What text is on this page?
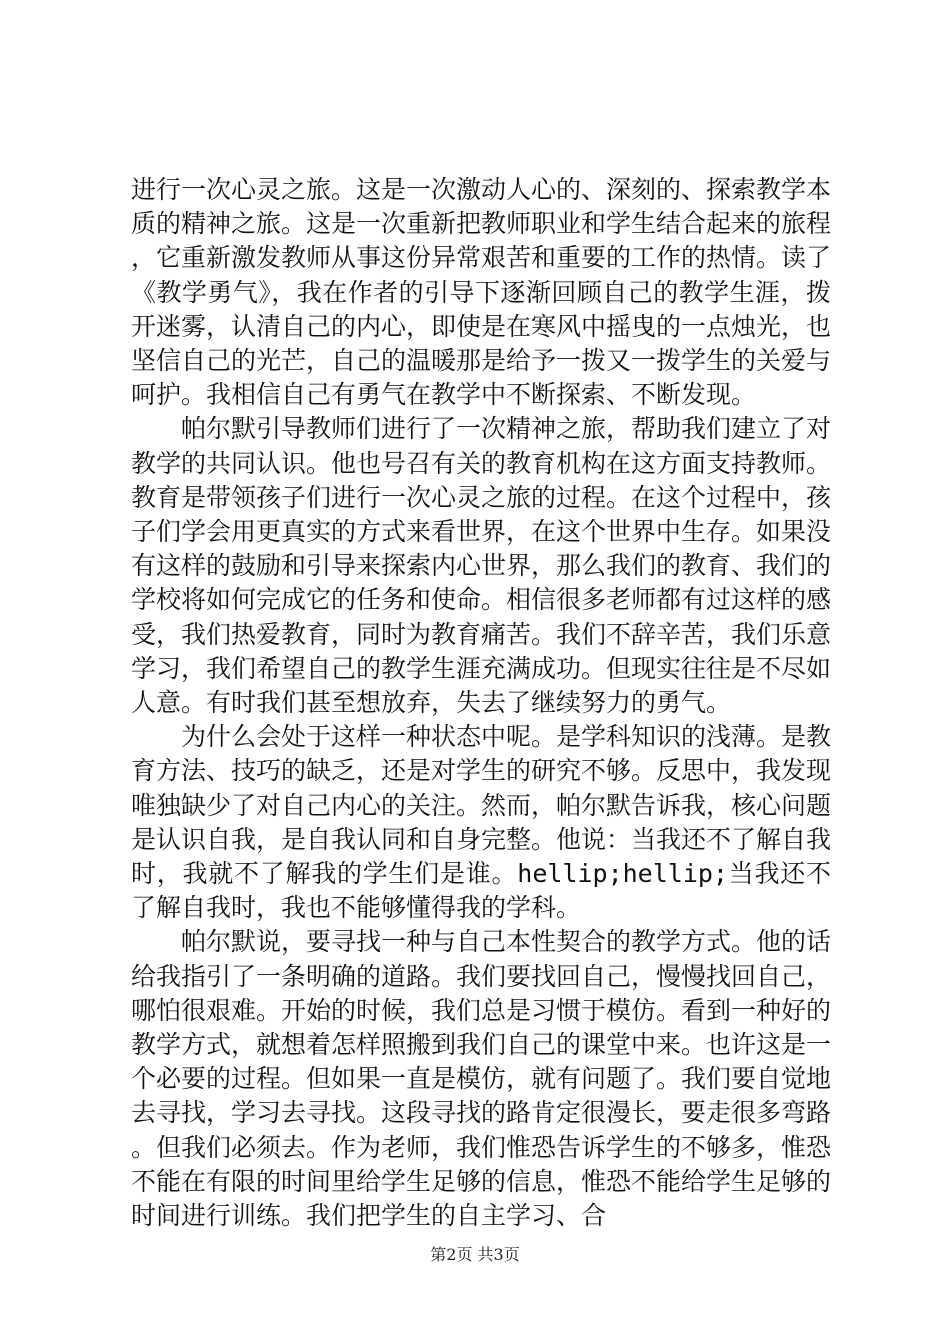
进行一次心灵之旅。这是一次激动人心的、深刻的、探索教学本质的精神之旅。这是一次重新把教师职业和学生结合起来的旅程，它重新激发教师从事这份异常艰苦和重要的工作的热情。读了《教学勇气》，我在作者的引导下逐渐回顾自己的教学生涯，拨开迷雾，认清自己的内心，即使是在寒风中摇曳的一点烛光，也坚信自己的光芒，自己的温暖那是给予一拨又一拨学生的关爱与呵护。我相信自己有勇气在教学中不断探索、不断发现。

帕尔默引导教师们进行了一次精神之旅，帮助我们建立了对教学的共同认识。他也号召有关的教育机构在这方面支持教师。教育是带领孩子们进行一次心灵之旅的过程。在这个过程中，孩子们学会用更真实的方式来看世界，在这个世界中生存。如果没有这样的鼓励和引导来探索内心世界，那么我们的教育、我们的学校将如何完成它的任务和使命。相信很多老师都有过这样的感受，我们热爱教育，同时为教育痛苦。我们不辞辛苦，我们乐意学习，我们希望自己的教学生涯充满成功。但现实往往是不尽如人意。有时我们甚至想放弃，失去了继续努力的勇气。

为什么会处于这样一种状态中呢。是学科知识的浅薄。是教育方法、技巧的缺乏，还是对学生的研究不够。反思中，我发现唯独缺少了对自己内心的关注。然而，帕尔默告诉我，核心问题是认识自我，是自我认同和自身完整。他说：当我还不了解自我时，我就不了解我的学生们是谁。hellip;hellip;当我还不了解自我时，我也不能够懂得我的学科。

帕尔默说，要寻找一种与自己本性契合的教学方式。他的话给我指引了一条明确的道路。我们要找回自己，慢慢找回自己，哪怕很艰难。开始的时候，我们总是习惯于模仿。看到一种好的教学方式，就想着怎样照搬到我们自己的课堂中来。也许这是一个必要的过程。但如果一直是模仿，就有问题了。我们要自觉地去寻找，学习去寻找。这段寻找的路肯定很漫长，要走很多弯路。但我们必须去。作为老师，我们惟恐告诉学生的不够多，惟恐不能在有限的时间里给学生足够的信息，惟恐不能给学生足够的时间进行训练。我们把学生的自主学习、合

第2页 共3页
